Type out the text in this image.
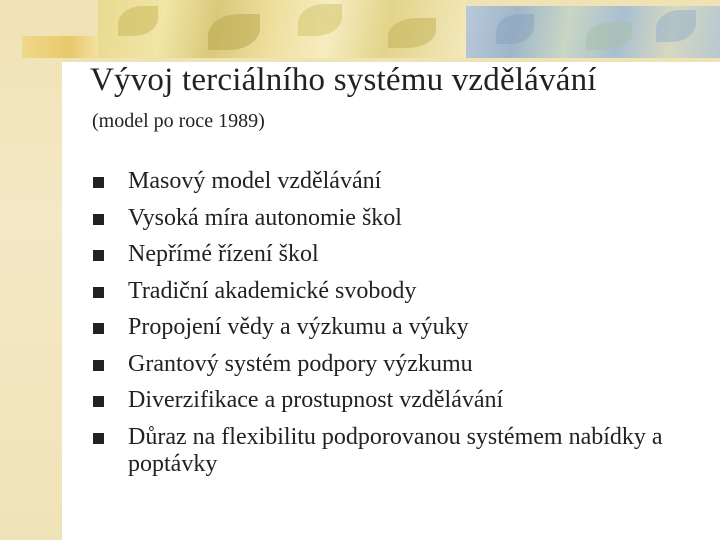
Vývoj terciálního systému vzdělávání
(model po roce 1989)
Masový model vzdělávání
Vysoká míra autonomie škol
Nepřímé řízení škol
Tradiční akademické svobody
Propojení vědy a výzkumu a výuky
Grantový systém podpory výzkumu
Diverzifikace a prostupnost vzdělávání
Důraz na flexibilitu podporovanou systémem nabídky a poptávky
